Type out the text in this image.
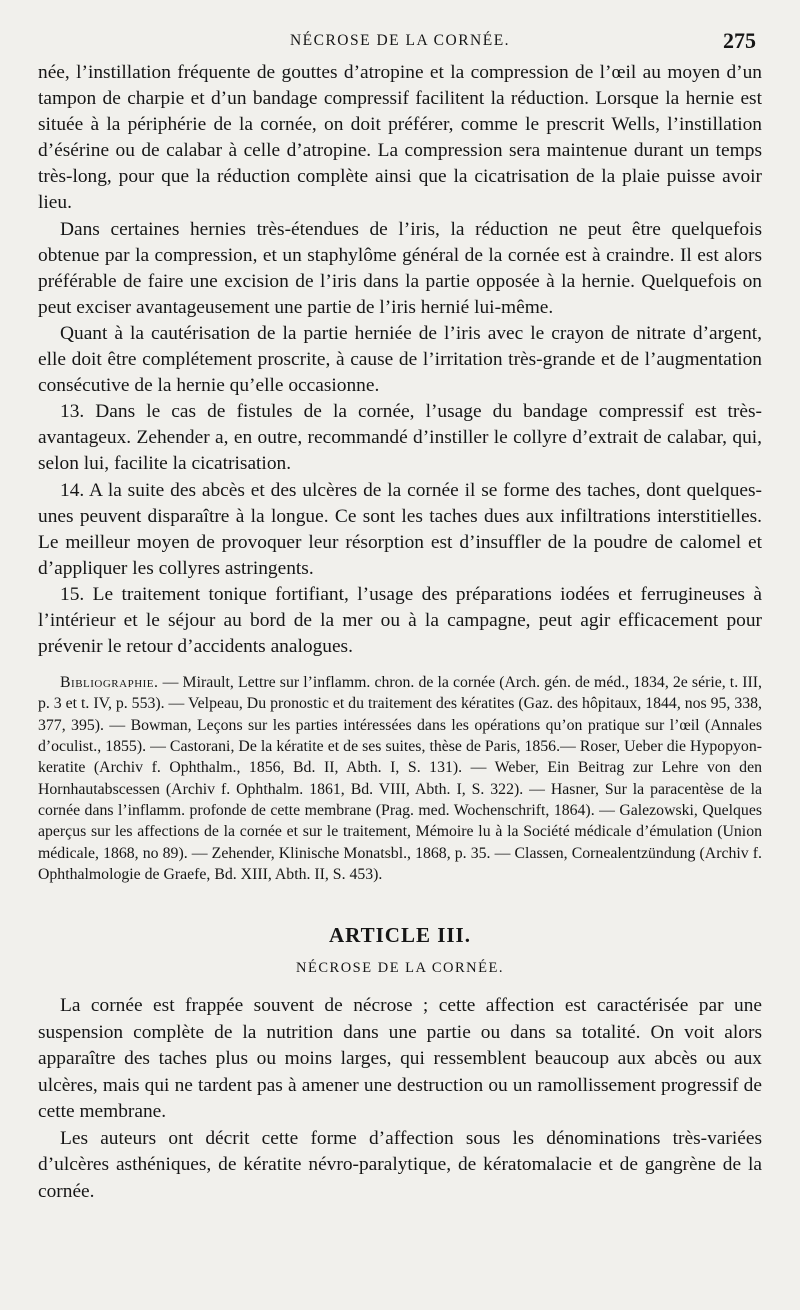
NÉCROSE DE LA CORNÉE.	275

née, l’instillation fréquente de gouttes d’atropine et la compression de l’œil au moyen d’un tampon de charpie et d’un bandage compressif facilitent la réduction. Lorsque la hernie est située à la périphérie de la cornée, on doit préférer, comme le prescrit Wells, l’instillation d’ésérine ou de calabar à celle d’atropine. La compression sera maintenue durant un temps très-long, pour que la réduction complète ainsi que la cicatrisation de la plaie puisse avoir lieu.

Dans certaines hernies très-étendues de l’iris, la réduction ne peut être quelquefois obtenue par la compression, et un staphylôme général de la cornée est à craindre. Il est alors préférable de faire une excision de l’iris dans la partie opposée à la hernie. Quelquefois on peut exciser avantageusement une partie de l’iris hernié lui-même.

Quant à la cautérisation de la partie herniée de l’iris avec le crayon de nitrate d’argent, elle doit être complétement proscrite, à cause de l’irritation très-grande et de l’augmentation consécutive de la hernie qu’elle occasionne.

13. Dans le cas de fistules de la cornée, l’usage du bandage compressif est très-avantageux. Zehender a, en outre, recommandé d’instiller le collyre d’extrait de calabar, qui, selon lui, facilite la cicatrisation.

14. A la suite des abcès et des ulcères de la cornée il se forme des taches, dont quelques-unes peuvent disparaître à la longue. Ce sont les taches dues aux infiltrations interstitielles. Le meilleur moyen de provoquer leur résorption est d’insuffler de la poudre de calomel et d’appliquer les collyres astringents.

15. Le traitement tonique fortifiant, l’usage des préparations iodées et ferrugineuses à l’intérieur et le séjour au bord de la mer ou à la campagne, peut agir efficacement pour prévenir le retour d’accidents analogues.

Bibliographie. — Mirault, Lettre sur l’inflamm. chron. de la cornée (Arch. gén. de méd., 1834, 2e série, t. III, p. 3 et t. IV, p. 553). — Velpeau, Du pronostic et du traitement des kératites (Gaz. des hôpitaux, 1844, nos 95, 338, 377, 395). — Bowman, Leçons sur les parties intéressées dans les opérations qu’on pratique sur l’œil (Annales d’oculist., 1855). — Castorani, De la kératite et de ses suites, thèse de Paris, 1856.— Roser, Ueber die Hypopyon-keratite (Archiv f. Ophthalm., 1856, Bd. II, Abth. I, S. 131). — Weber, Ein Beitrag zur Lehre von den Hornhautabscessen (Archiv f. Ophthalm. 1861, Bd. VIII, Abth. I, S. 322). — Hasner, Sur la paracentèse de la cornée dans l’inflamm. profonde de cette membrane (Prag. med. Wochenschrift, 1864). — Galezowski, Quelques aperçus sur les affections de la cornée et sur le traitement, Mémoire lu à la Société médicale d’émulation (Union médicale, 1868, no 89). — Zehender, Klinische Monatsbl., 1868, p. 35. — Classen, Cornealentzündung (Archiv f. Ophthalmologie de Graefe, Bd. XIII, Abth. II, S. 453).
ARTICLE III.
NÉCROSE DE LA CORNÉE.

La cornée est frappée souvent de nécrose ; cette affection est caractérisée par une suspension complète de la nutrition dans une partie ou dans sa totalité. On voit alors apparaître des taches plus ou moins larges, qui ressemblent beaucoup aux abcès ou aux ulcères, mais qui ne tardent pas à amener une destruction ou un ramollissement progressif de cette membrane.

Les auteurs ont décrit cette forme d’affection sous les dénominations très-variées d’ulcères asthéniques, de kératite névro-paralytique, de kératomalacie et de gangrène de la cornée.
